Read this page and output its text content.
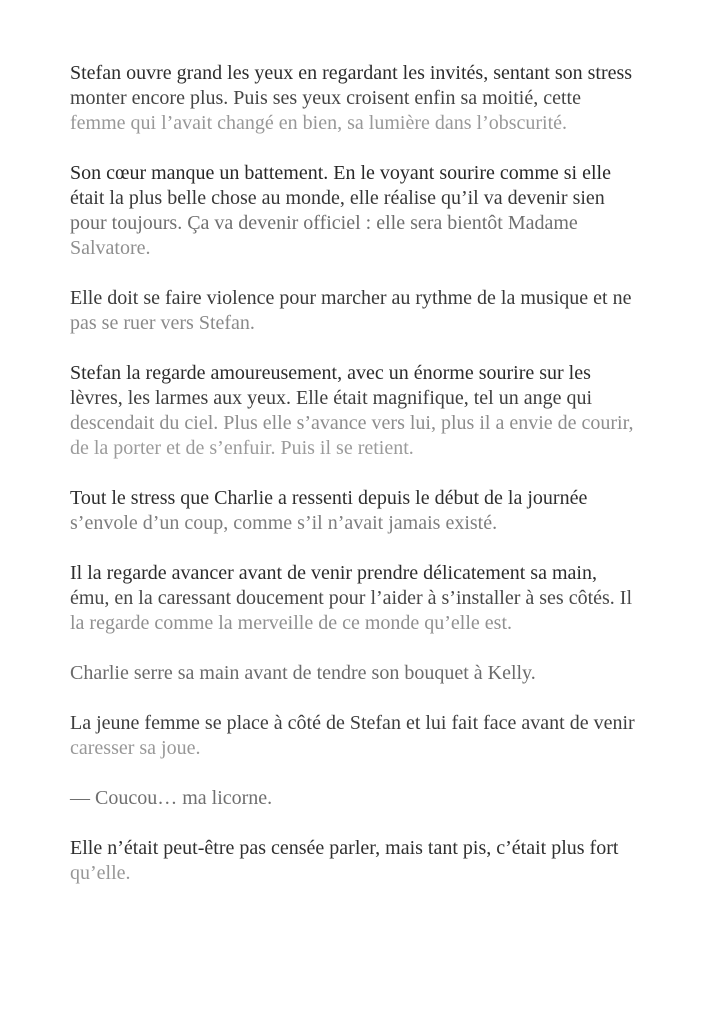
Stefan ouvre grand les yeux en regardant les invités, sentant son stress
monter encore plus. Puis ses yeux croisent enfin sa moitié, cette
femme qui l’avait changé en bien, sa lumière dans l’obscurité.

Son cœur manque un battement. En le voyant sourire comme si elle
était la plus belle chose au monde, elle réalise qu’il va devenir sien
pour toujours. Ça va devenir officiel : elle sera bientôt Madame
Salvatore.

Elle doit se faire violence pour marcher au rythme de la musique et ne
pas se ruer vers Stefan.

Stefan la regarde amoureusement, avec un énorme sourire sur les
lèvres, les larmes aux yeux. Elle était magnifique, tel un ange qui
descendait du ciel. Plus elle s’avance vers lui, plus il a envie de courir,
de la porter et de s’enfuir. Puis il se retient.

Tout le stress que Charlie a ressenti depuis le début de la journée
s’envole d’un coup, comme s’il n’avait jamais existé.

Il la regarde avancer avant de venir prendre délicatement sa main,
ému, en la caressant doucement pour l’aider à s’installer à ses côtés. Il
la regarde comme la merveille de ce monde qu’elle est.

Charlie serre sa main avant de tendre son bouquet à Kelly.

La jeune femme se place à côté de Stefan et lui fait face avant de venir
caresser sa joue.

— Coucou… ma licorne.

Elle n’était peut-être pas censée parler, mais tant pis, c’était plus fort
qu’elle.
